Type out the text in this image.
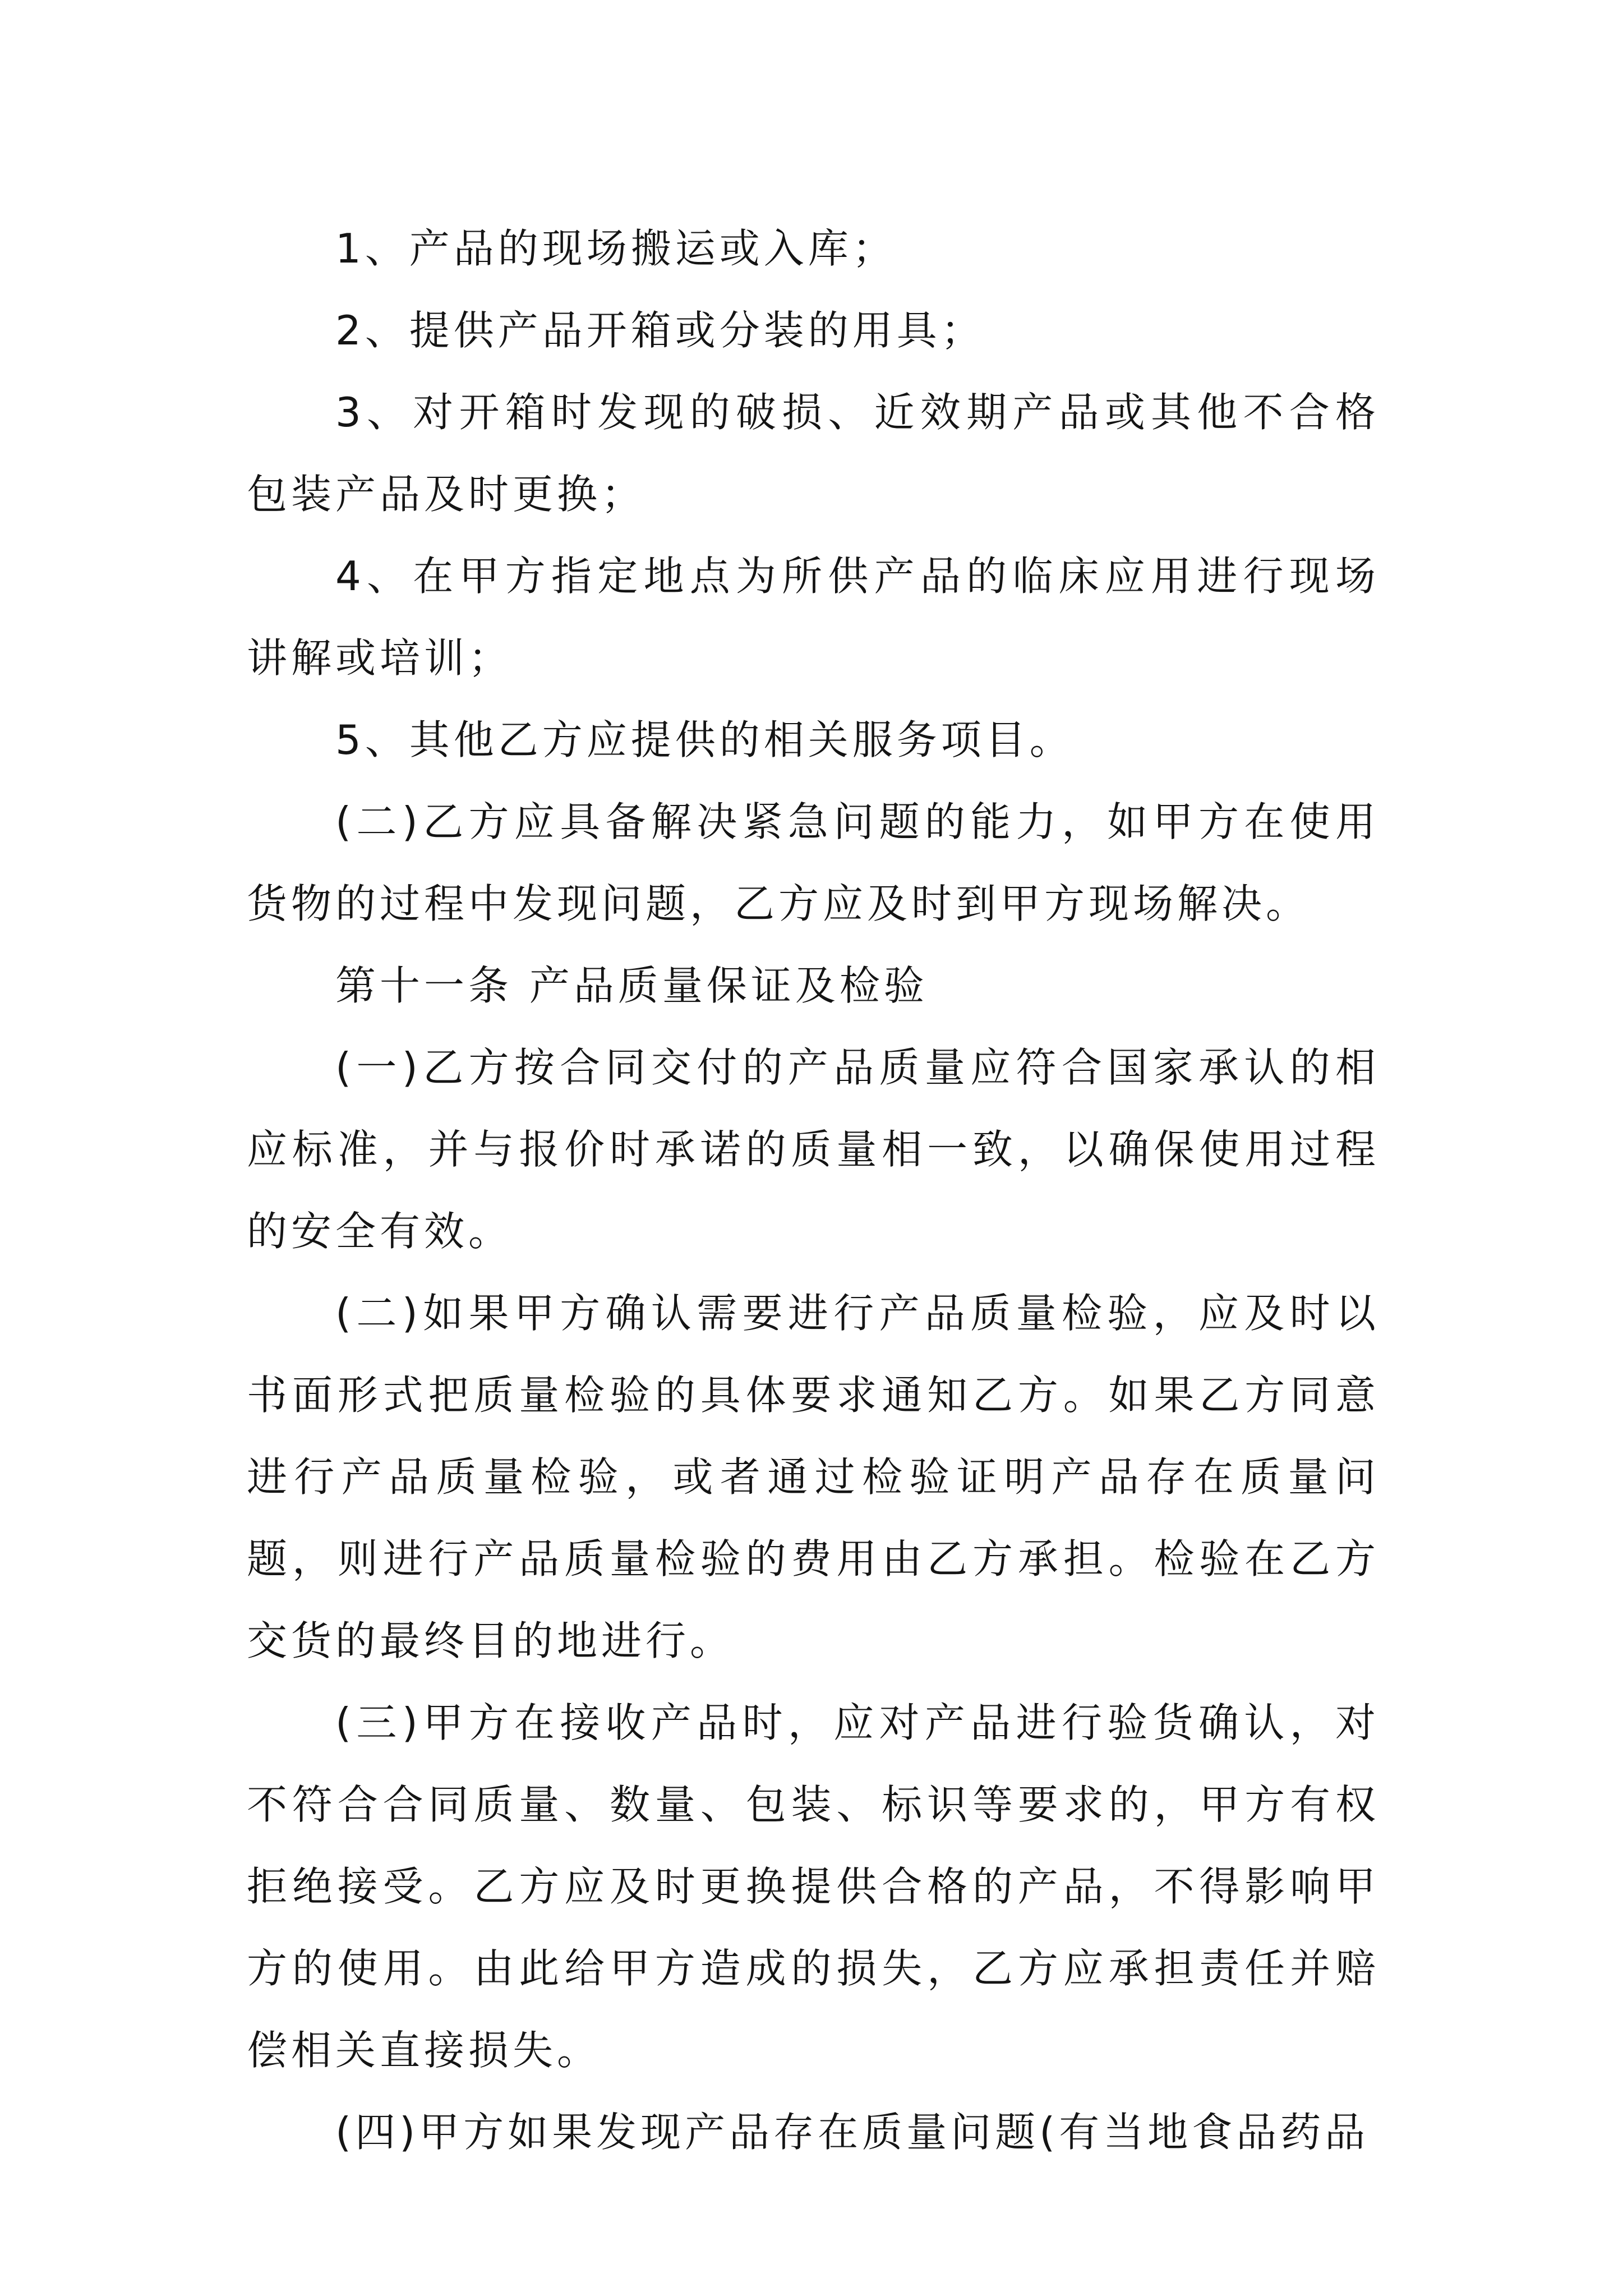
1、产品的现场搬运或入库；

2、提供产品开箱或分装的用具；

3、对开箱时发现的破损、近效期产品或其他不合格包装产品及时更换；

4、在甲方指定地点为所供产品的临床应用进行现场讲解或培训；

5、其他乙方应提供的相关服务项目。

(二)乙方应具备解决紧急问题的能力，如甲方在使用货物的过程中发现问题，乙方应及时到甲方现场解决。

第十一条 产品质量保证及检验

(一)乙方按合同交付的产品质量应符合国家承认的相应标准，并与报价时承诺的质量相一致，以确保使用过程的安全有效。

(二)如果甲方确认需要进行产品质量检验，应及时以书面形式把质量检验的具体要求通知乙方。如果乙方同意进行产品质量检验，或者通过检验证明产品存在质量问题，则进行产品质量检验的费用由乙方承担。检验在乙方交货的最终目的地进行。

(三)甲方在接收产品时，应对产品进行验货确认，对不符合合同质量、数量、包装、标识等要求的，甲方有权拒绝接受。乙方应及时更换提供合格的产品，不得影响甲方的使用。由此给甲方造成的损失，乙方应承担责任并赔偿相关直接损失。

(四)甲方如果发现产品存在质量问题(有当地食品药品
